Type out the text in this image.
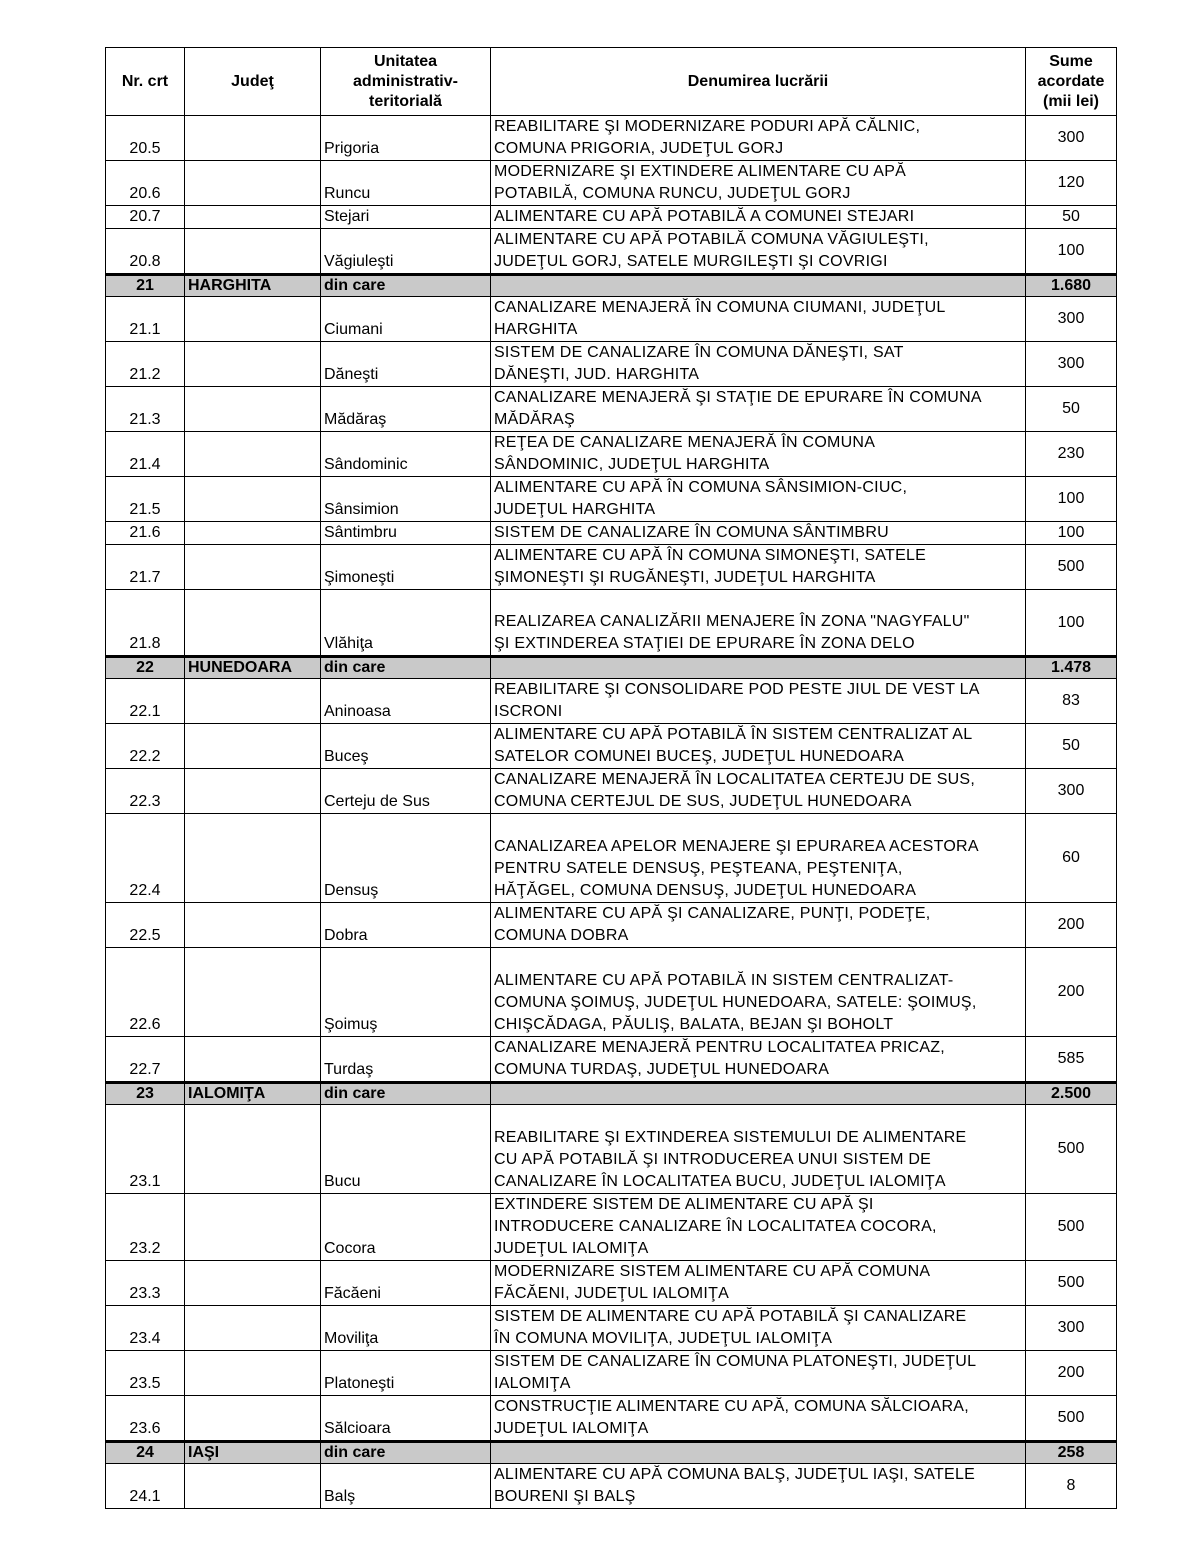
Nr. crt	Judeţ	Unitatea
administrativ-
teritorială	Denumirea lucrării	Sume
acordate
(mii lei)
20.5		Prigoria	REABILITARE ŞI MODERNIZARE PODURI APĂ CĂLNIC,
COMUNA PRIGORIA, JUDEŢUL GORJ	300
20.6		Runcu	MODERNIZARE ŞI EXTINDERE ALIMENTARE CU APĂ
POTABILĂ, COMUNA RUNCU, JUDEŢUL GORJ	120
20.7		Stejari	ALIMENTARE CU APĂ POTABILĂ A COMUNEI STEJARI	50
20.8		Văgiuleşti	ALIMENTARE CU APĂ POTABILĂ COMUNA VĂGIULEŞTI,
JUDEŢUL GORJ, SATELE MURGILEŞTI ŞI COVRIGI	100
21	HARGHITA	din care		1.680
21.1		Ciumani	CANALIZARE MENAJERĂ ÎN COMUNA CIUMANI, JUDEŢUL
HARGHITA	300
21.2		Dăneşti	SISTEM DE CANALIZARE ÎN COMUNA DĂNEŞTI, SAT
DĂNEŞTI, JUD. HARGHITA	300
21.3		Mădăraş	CANALIZARE MENAJERĂ ŞI STAŢIE DE EPURARE ÎN COMUNA
MĂDĂRAŞ	50
21.4		Sândominic	REŢEA DE CANALIZARE MENAJERĂ ÎN COMUNA
SÂNDOMINIC, JUDEŢUL HARGHITA	230
21.5		Sânsimion	ALIMENTARE CU APĂ ÎN COMUNA SÂNSIMION-CIUC,
JUDEŢUL HARGHITA	100
21.6		Sântimbru	SISTEM DE CANALIZARE ÎN COMUNA SÂNTIMBRU	100
21.7		Şimoneşti	ALIMENTARE CU APĂ ÎN COMUNA SIMONEŞTI, SATELE
ŞIMONEŞTI ŞI RUGĂNEŞTI, JUDEŢUL HARGHITA	500
21.8		Vlăhiţa	REALIZAREA CANALIZĂRII MENAJERE ÎN ZONA "NAGYFALU"
ŞI EXTINDEREA STAŢIEI DE EPURARE ÎN ZONA DELO	100
22	HUNEDOARA	din care		1.478
22.1		Aninoasa	REABILITARE ŞI CONSOLIDARE POD PESTE JIUL DE VEST LA
ISCRONI	83
22.2		Buceş	ALIMENTARE CU APĂ POTABILĂ ÎN SISTEM CENTRALIZAT AL
SATELOR COMUNEI BUCEŞ, JUDEŢUL HUNEDOARA	50
22.3		Certeju de Sus	CANALIZARE MENAJERĂ ÎN LOCALITATEA CERTEJU DE SUS,
COMUNA CERTEJUL DE SUS, JUDEŢUL HUNEDOARA	300
22.4		Densuş	CANALIZAREA APELOR MENAJERE ŞI EPURAREA ACESTORA
PENTRU SATELE DENSUŞ, PEŞTEANA, PEŞTENIŢA,
HĂŢĂGEL, COMUNA DENSUŞ, JUDEŢUL HUNEDOARA	60
22.5		Dobra	ALIMENTARE CU APĂ ŞI CANALIZARE, PUNŢI, PODEŢE,
COMUNA DOBRA	200
22.6		Şoimuş	ALIMENTARE CU APĂ POTABILĂ IN SISTEM CENTRALIZAT-
COMUNA ŞOIMUŞ, JUDEŢUL HUNEDOARA, SATELE: ŞOIMUŞ,
CHIŞCĂDAGA, PĂULIŞ, BALATA, BEJAN ŞI BOHOLT	200
22.7		Turdaş	CANALIZARE MENAJERĂ PENTRU LOCALITATEA PRICAZ,
COMUNA TURDAŞ, JUDEŢUL HUNEDOARA	585
23	IALOMIŢA	din care		2.500
23.1		Bucu	REABILITARE ŞI EXTINDEREA SISTEMULUI DE ALIMENTARE
CU APĂ POTABILĂ ŞI INTRODUCEREA UNUI SISTEM DE
CANALIZARE ÎN LOCALITATEA BUCU, JUDEŢUL IALOMIŢA	500
23.2		Cocora	EXTINDERE SISTEM DE ALIMENTARE CU APĂ ŞI
INTRODUCERE CANALIZARE ÎN LOCALITATEA COCORA,
JUDEŢUL IALOMIŢA	500
23.3		Făcăeni	MODERNIZARE SISTEM ALIMENTARE CU APĂ COMUNA
FĂCĂENI, JUDEŢUL IALOMIŢA	500
23.4		Moviliţa	SISTEM DE ALIMENTARE CU APĂ POTABILĂ ŞI CANALIZARE
ÎN COMUNA MOVILIŢA, JUDEŢUL IALOMIŢA	300
23.5		Platoneşti	SISTEM DE CANALIZARE ÎN COMUNA PLATONEŞTI, JUDEŢUL
IALOMIŢA	200
23.6		Sălcioara	CONSTRUCŢIE ALIMENTARE CU APĂ, COMUNA SĂLCIOARA,
JUDEŢUL IALOMIŢA	500
24	IAŞI	din care		258
24.1		Balş	ALIMENTARE CU APĂ COMUNA BALŞ, JUDEŢUL IAŞI, SATELE
BOURENI ŞI BALŞ	8
